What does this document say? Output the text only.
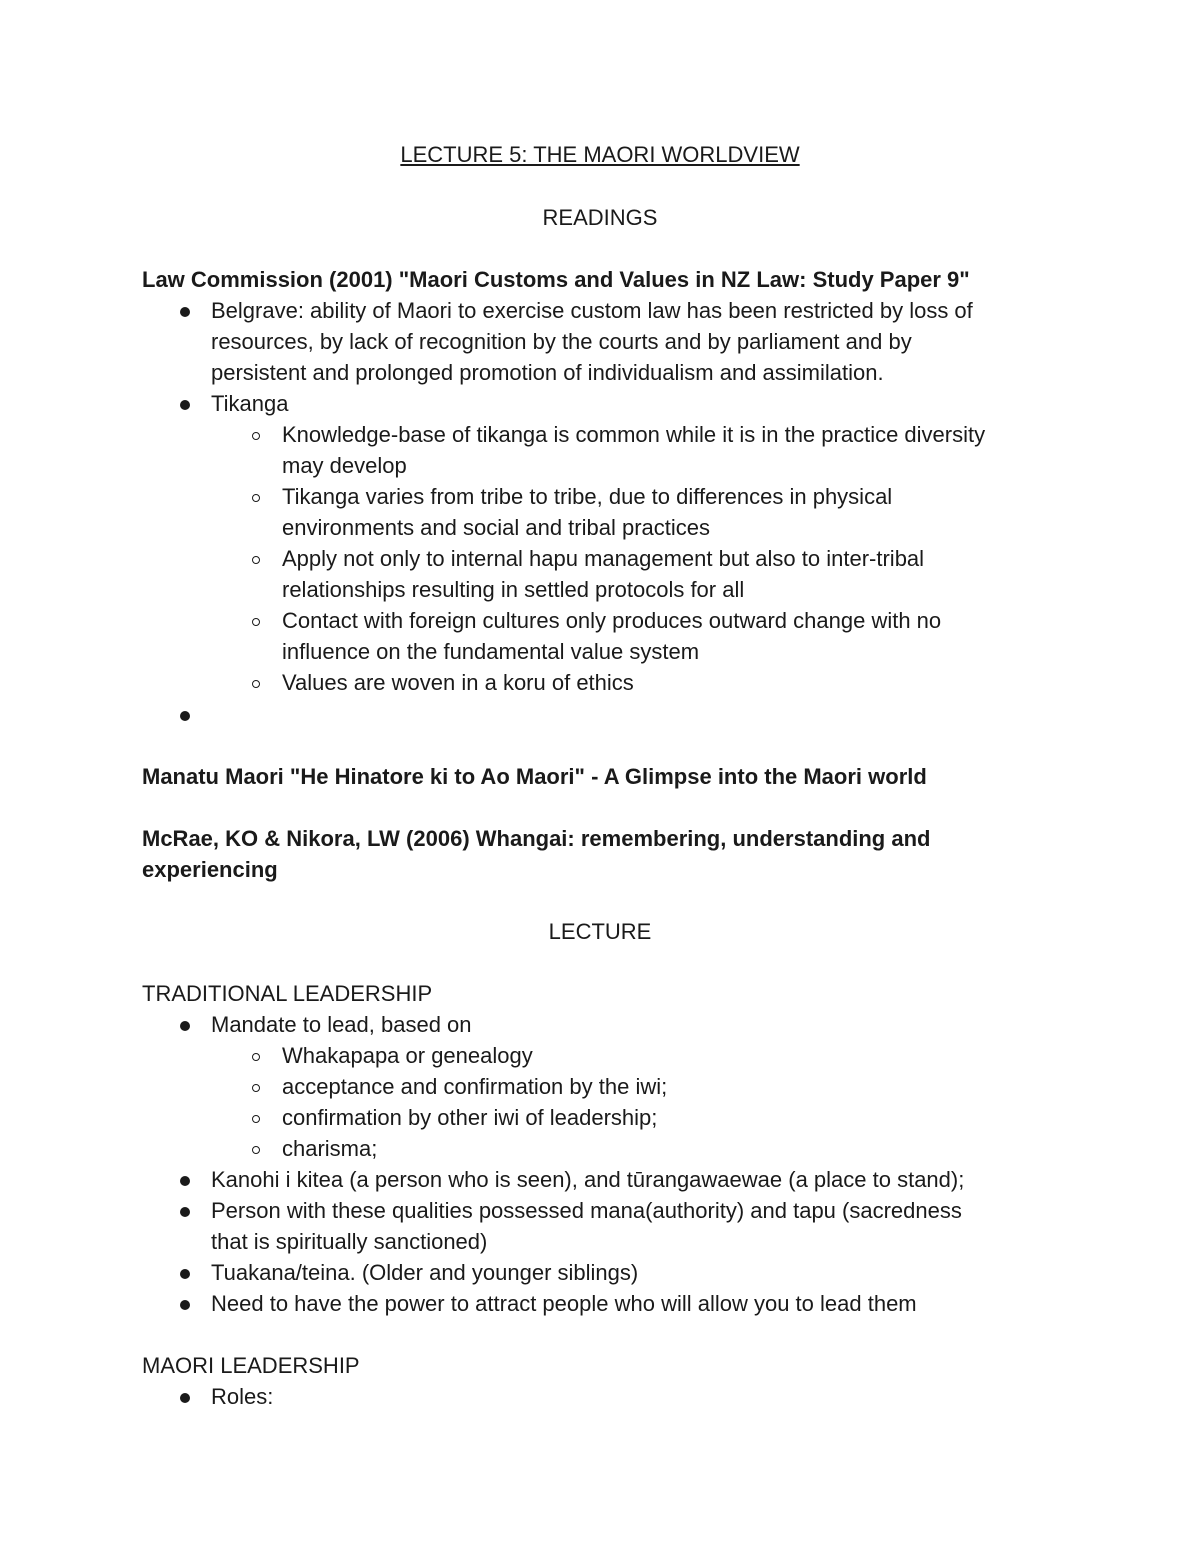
LECTURE 5: THE MAORI WORLDVIEW
READINGS
Law Commission (2001) "Maori Customs and Values in NZ Law: Study Paper 9"
Belgrave: ability of Maori to exercise custom law has been restricted by loss of
resources, by lack of recognition by the courts and by parliament and by
persistent and prolonged promotion of individualism and assimilation.
Tikanga
Knowledge-base of tikanga is common while it is in the practice diversity
may develop
Tikanga varies from tribe to tribe, due to differences in physical
environments and social and tribal practices
Apply not only to internal hapu management but also to inter-tribal
relationships resulting in settled protocols for all
Contact with foreign cultures only produces outward change with no
influence on the fundamental value system
Values are woven in a koru of ethics
Manatu Maori "He Hinatore ki to Ao Maori" - A Glimpse into the Maori world
McRae, KO & Nikora, LW (2006) Whangai: remembering, understanding and
experiencing
LECTURE
TRADITIONAL LEADERSHIP
Mandate to lead, based on
Whakapapa or genealogy
acceptance and confirmation by the iwi;
confirmation by other iwi of leadership;
charisma;
Kanohi i kitea (a person who is seen), and tūrangawaewae (a place to stand);
Person with these qualities possessed mana(authority) and tapu (sacredness
that is spiritually sanctioned)
Tuakana/teina. (Older and younger siblings)
Need to have the power to attract people who will allow you to lead them
MAORI LEADERSHIP
Roles:
